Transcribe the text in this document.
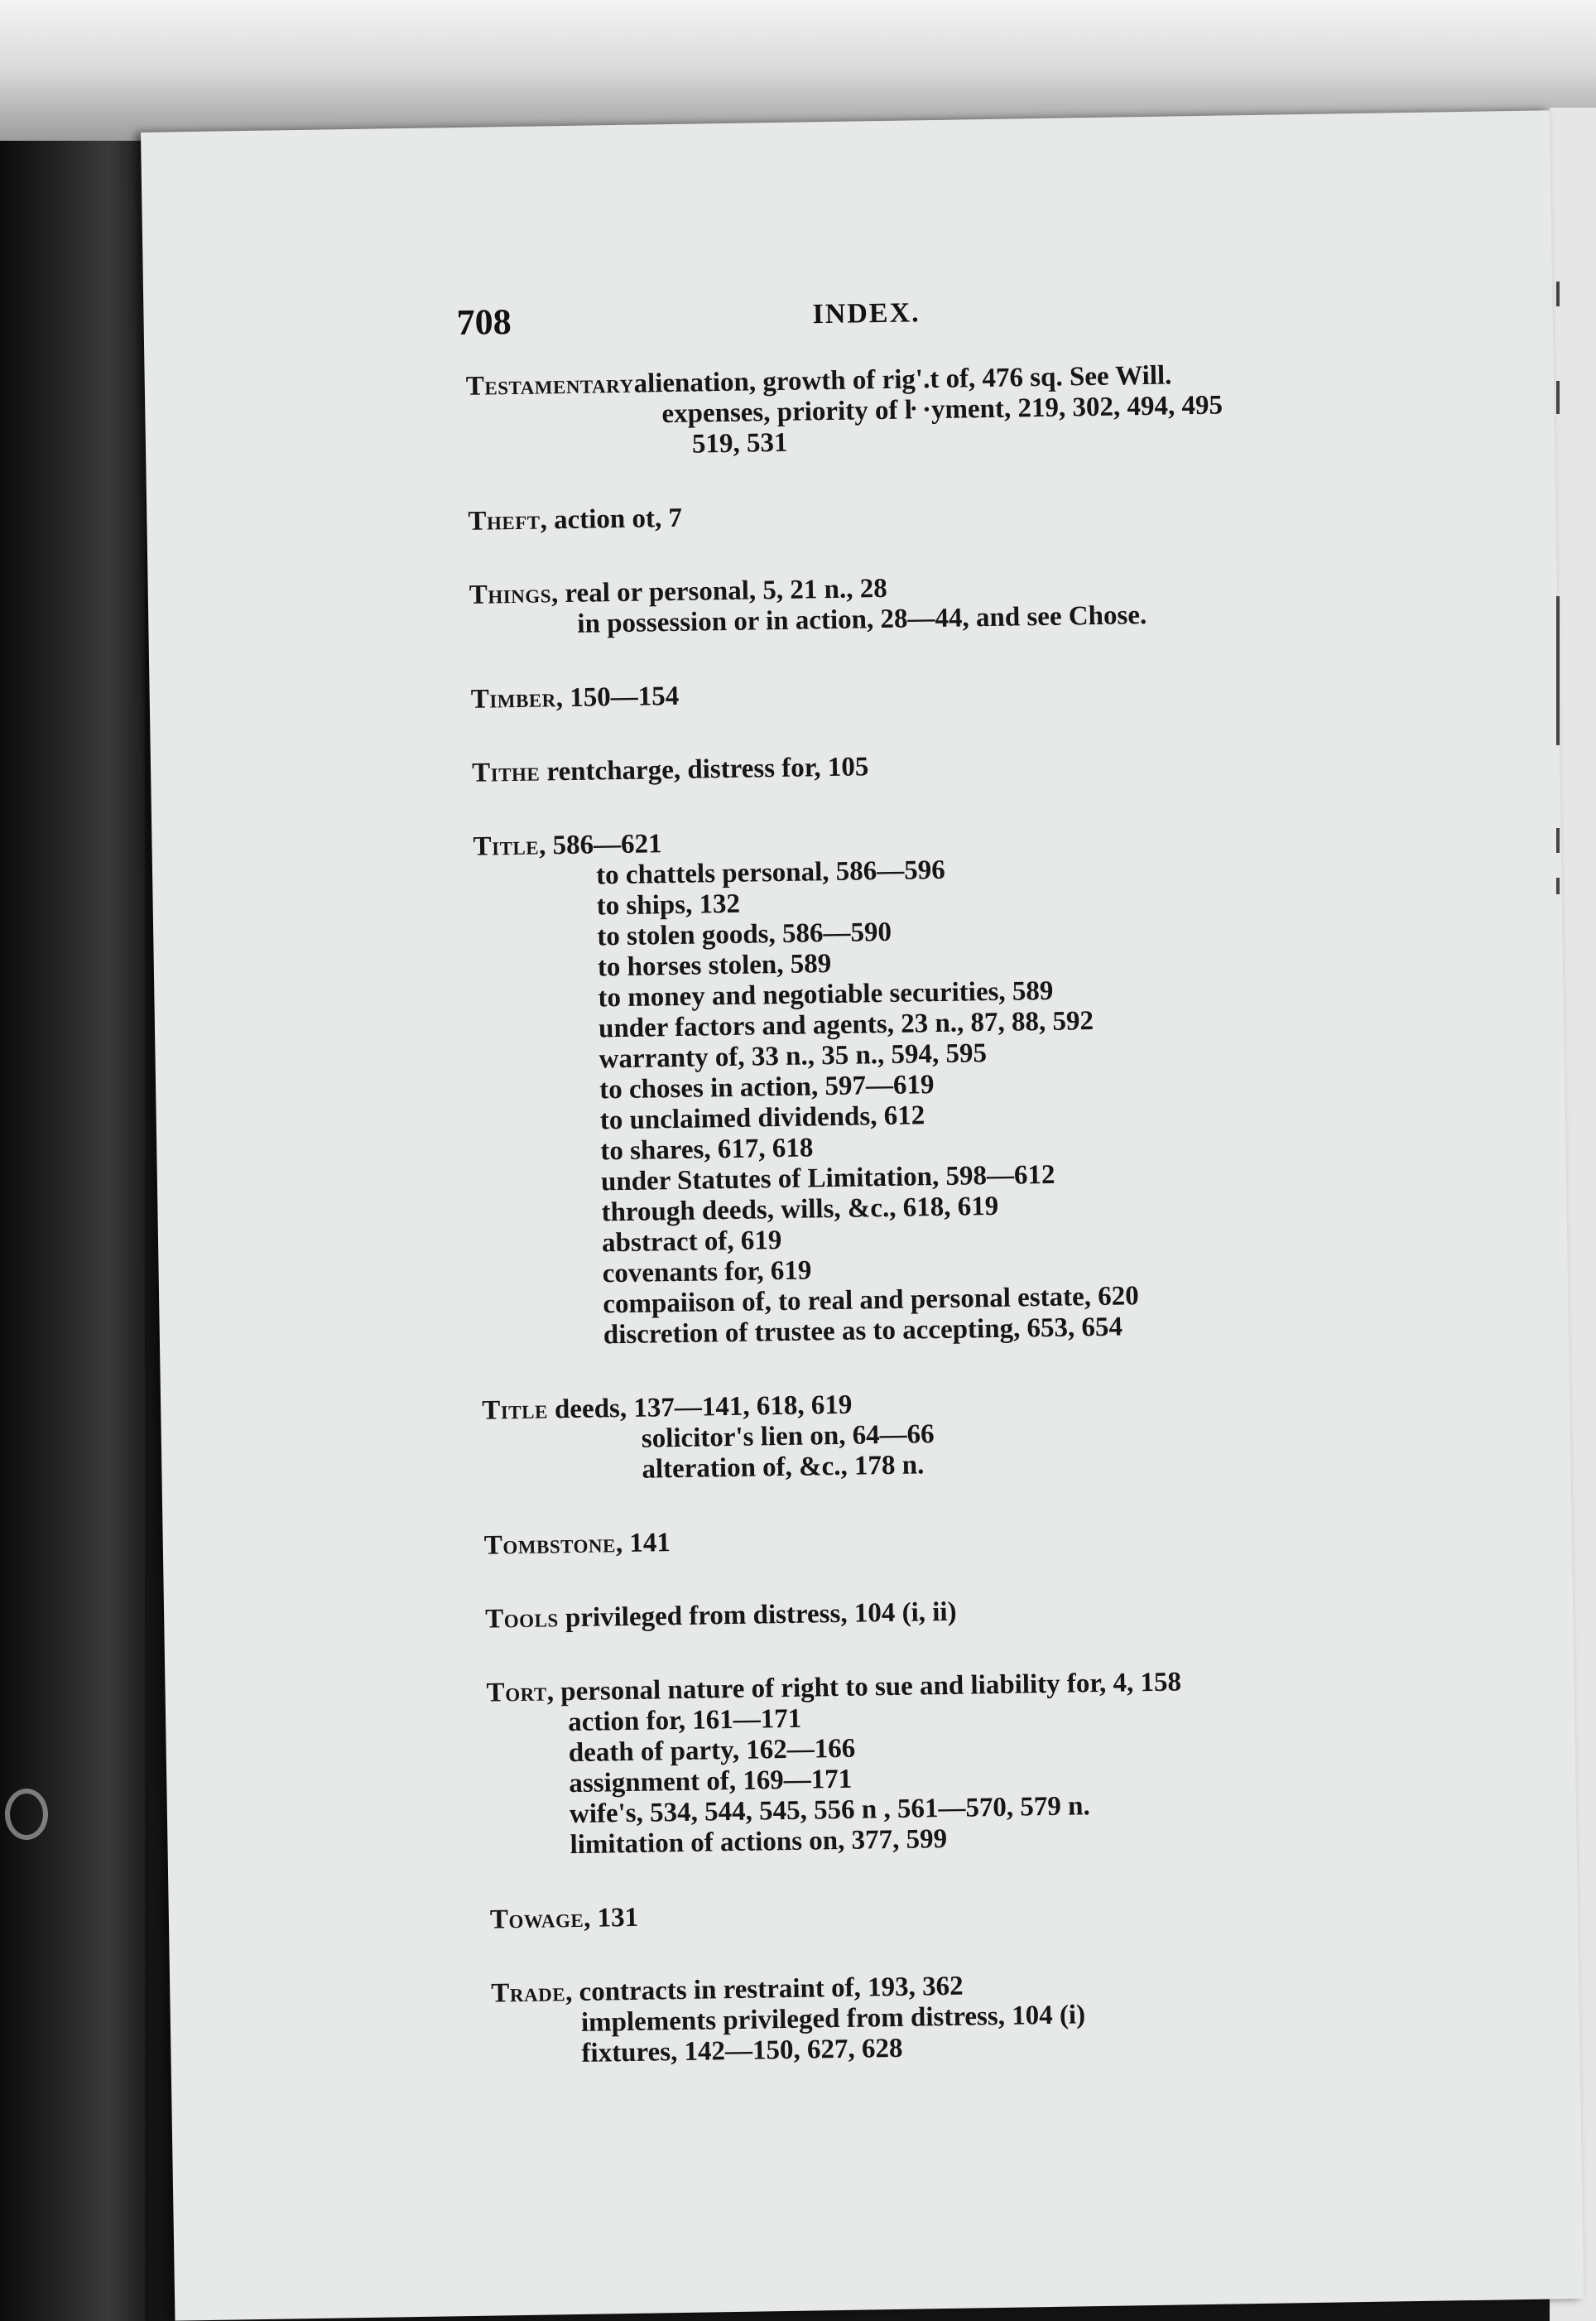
708	INDEX.
Testamentaryalienation, growth of rig'.t of, 476 sq. See Will.
expenses, priority of ŀ ·yment, 219, 302, 494, 495
519, 531
Theft, action ot, 7
Things, real or personal, 5, 21 n., 28
in possession or in action, 28—44, and see Chose.
Timber, 150—154
Tithe rentcharge, distress for, 105
Title, 586—621
to chattels personal, 586—596
to ships, 132
to stolen goods, 586—590
to horses stolen, 589
to money and negotiable securities, 589
under factors and agents, 23 n., 87, 88, 592
warranty of, 33 n., 35 n., 594, 595
to choses in action, 597—619
to unclaimed dividends, 612
to shares, 617, 618
under Statutes of Limitation, 598—612
through deeds, wills, &c., 618, 619
abstract of, 619
covenants for, 619
compaiison of, to real and personal estate, 620
discretion of trustee as to accepting, 653, 654
Title deeds, 137—141, 618, 619
solicitor's lien on, 64—66
alteration of, &c., 178 n.
Tombstone, 141
Tools privileged from distress, 104 (i, ii)
Tort, personal nature of right to sue and liability for, 4, 158
action for, 161—171
death of party, 162—166
assignment of, 169—171
wife's, 534, 544, 545, 556 n , 561—570, 579 n.
limitation of actions on, 377, 599
Towage, 131
Trade, contracts in restraint of, 193, 362
implements privileged from distress, 104 (i)
fixtures, 142—150, 627, 628
